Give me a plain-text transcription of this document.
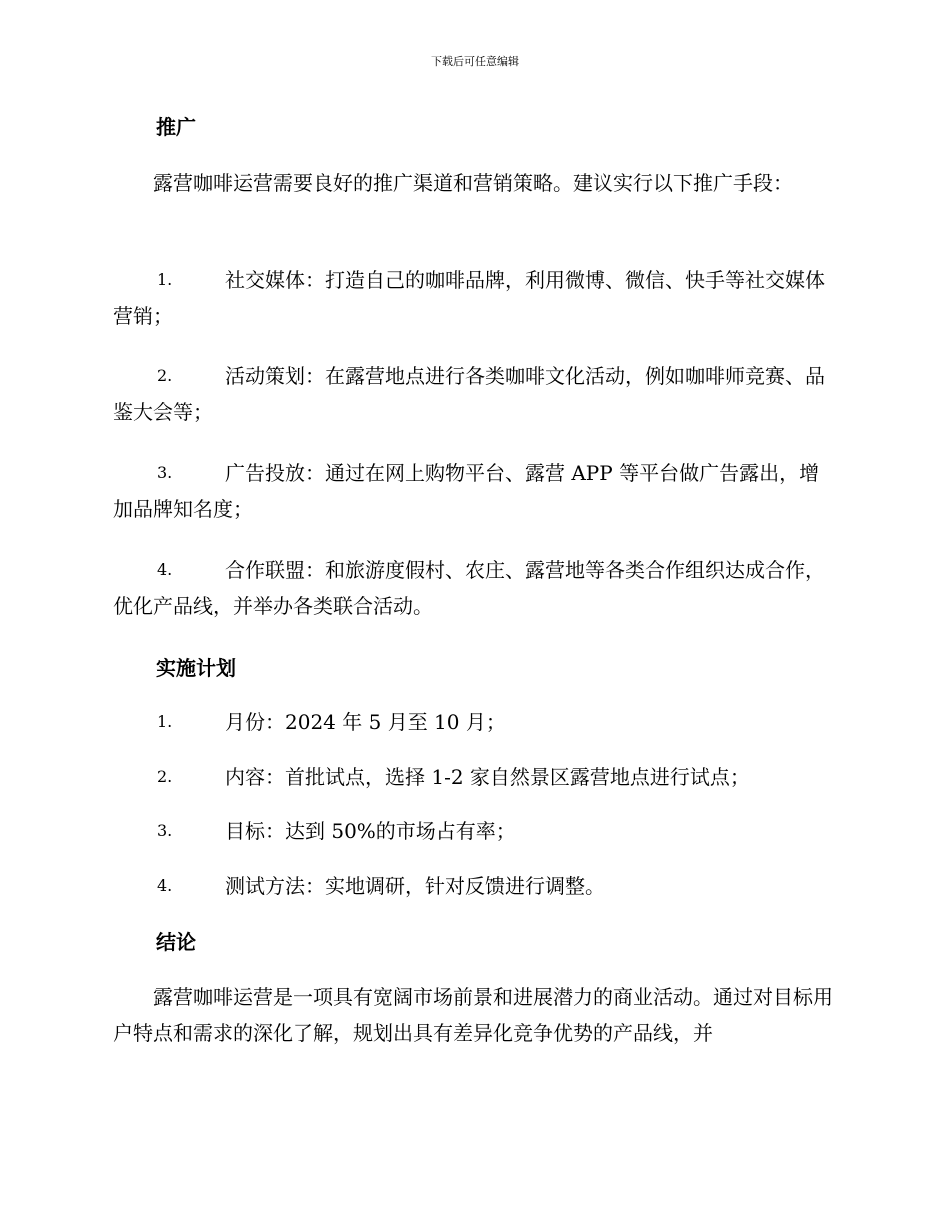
下载后可任意编辑
推广

露营咖啡运营需要良好的推广渠道和营销策略。建议实行以下推广手段：

1.	社交媒体：打造自己的咖啡品牌，利用微博、微信、快手等社交媒体营销；
2.	活动策划：在露营地点进行各类咖啡文化活动，例如咖啡师竞赛、品鉴大会等；
3.	广告投放：通过在网上购物平台、露营 APP 等平台做广告露出，增加品牌知名度；
4.	合作联盟：和旅游度假村、农庄、露营地等各类合作组织达成合作，优化产品线，并举办各类联合活动。
实施计划
1.	月份：2024 年 5 月至 10 月；
2.	内容：首批试点，选择 1-2 家自然景区露营地点进行试点；
3.	目标：达到 50%的市场占有率；
4.	测试方法：实地调研，针对反馈进行调整。
结论

露营咖啡运营是一项具有宽阔市场前景和进展潜力的商业活动。通过对目标用户特点和需求的深化了解，规划出具有差异化竞争优势的产品线，并
